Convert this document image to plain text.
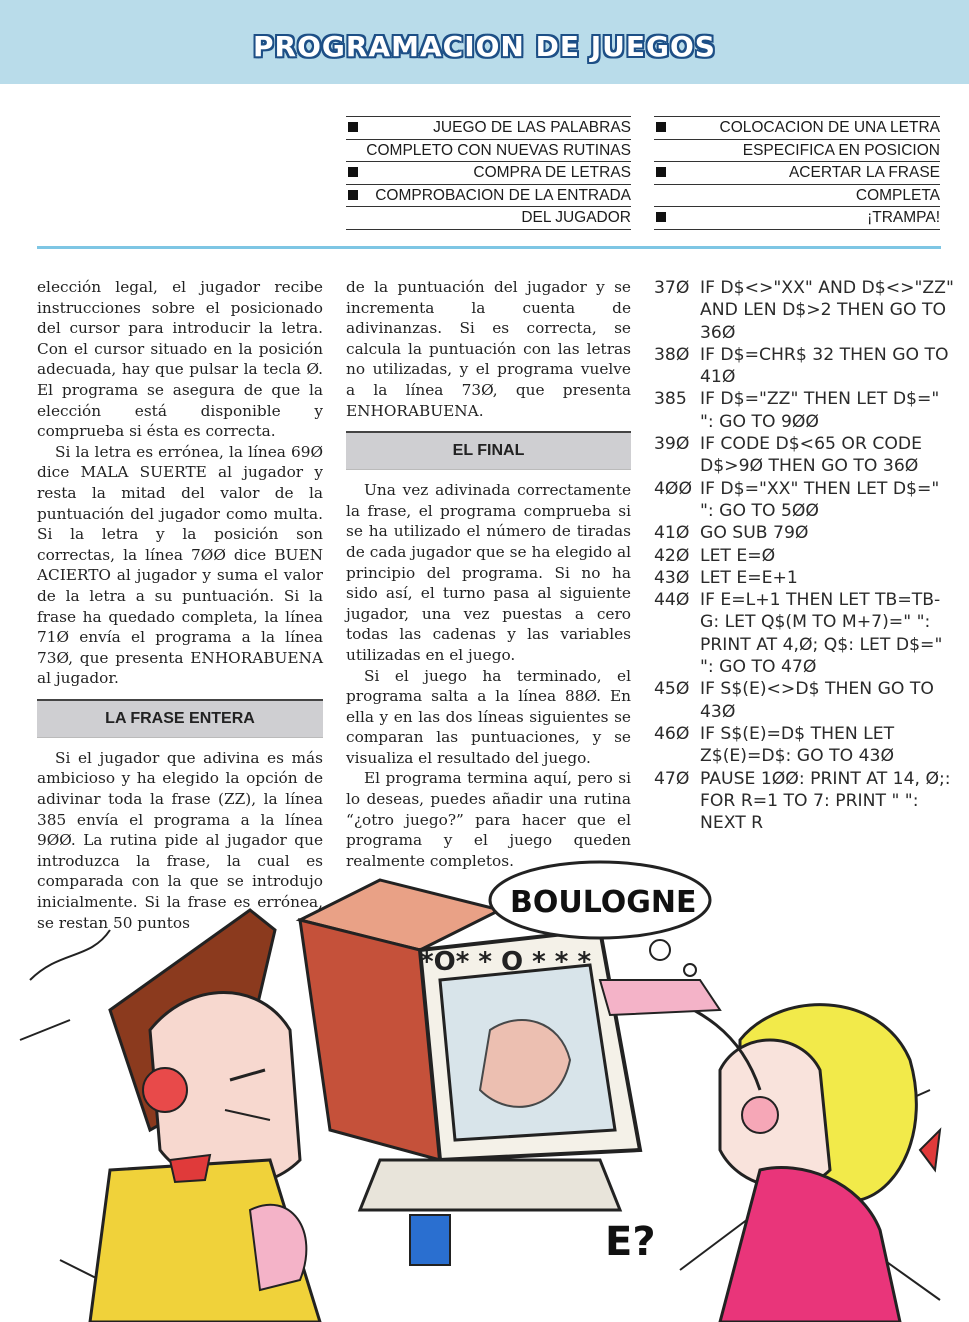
PROGRAMACION DE JUEGOS
JUEGO DE LAS PALABRAS
COMPLETO CON NUEVAS RUTINAS
COMPRA DE LETRAS
COMPROBACION DE LA ENTRADA
DEL JUGADOR
COLOCACION DE UNA LETRA
ESPECIFICA EN POSICION
ACERTAR LA FRASE
COMPLETA
¡TRAMPA!

elección legal, el jugador recibe instrucciones sobre el posicionado del cursor para introducir la letra. Con el cursor situado en la posición adecuada, hay que pulsar la tecla Ø. El programa se asegura de que la elección está disponible y comprueba si ésta es correcta.

Si la letra es errónea, la línea 69Ø dice MALA SUERTE al jugador y resta la mitad del valor de la puntuación del jugador como multa. Si la letra y la posición son correctas, la línea 7ØØ dice BUEN ACIERTO al jugador y suma el valor de la letra a su puntuación. Si la frase ha quedado completa, la línea 71Ø envía el programa a la línea 73Ø, que presenta ENHORABUENA al jugador.

LA FRASE ENTERA

Si el jugador que adivina es más ambicioso y ha elegido la opción de adivinar toda la frase (ZZ), la línea 385 envía el programa a la línea 9ØØ. La rutina pide al jugador que introduzca la frase, la cual es comparada con la que se introdujo inicialmente. Si la frase es errónea, se restan 50 puntos

de la puntuación del jugador y se incrementa la cuenta de adivinanzas. Si es correcta, se calcula la puntuación con las letras no utilizadas, y el programa vuelve a la línea 73Ø, que presenta ENHORABUENA.

EL FINAL

Una vez adivinada correctamente la frase, el programa comprueba si se ha utilizado el número de tiradas de cada jugador que se ha elegido al principio del programa. Si no ha sido así, el turno pasa al siguiente jugador, una vez puestas a cero todas las cadenas y las variables utilizadas en el juego.

Si el juego ha terminado, el programa salta a la línea 88Ø. En ella y en las dos líneas siguientes se comparan las puntuaciones, y se visualiza el resultado del juego.

El programa termina aquí, pero si lo deseas, puedes añadir una rutina “¿otro juego?” para hacer que el programa y el juego queden realmente completos.

37Ø IF D$<>"XX" AND D$<>"ZZ" AND LEN D$>2 THEN GO TO 36Ø
38Ø IF D$=CHR$ 32 THEN GO TO 41Ø
385 IF D$="ZZ" THEN LET D$=" ": GO TO 9ØØ
39Ø IF CODE D$<65 OR CODE D$>9Ø THEN GO TO 36Ø
4ØØ IF D$="XX" THEN LET D$=" ": GO TO 5ØØ
41Ø GO SUB 79Ø
42Ø LET E=Ø
43Ø LET E=E+1
44Ø IF E=L+1 THEN LET TB=TB-G: LET Q$(M TO M+7)=" ": PRINT AT 4,Ø; Q$: LET D$=" ": GO TO 47Ø
45Ø IF S$(E)<>D$ THEN GO TO 43Ø
46Ø IF S$(E)=D$ THEN LET Z$(E)=D$: GO TO 43Ø
47Ø PAUSE 1ØØ: PRINT AT 14, Ø;: FOR R=1 TO 7: PRINT " ": NEXT R
*O* * O * * *
BOULOGNE
E?
